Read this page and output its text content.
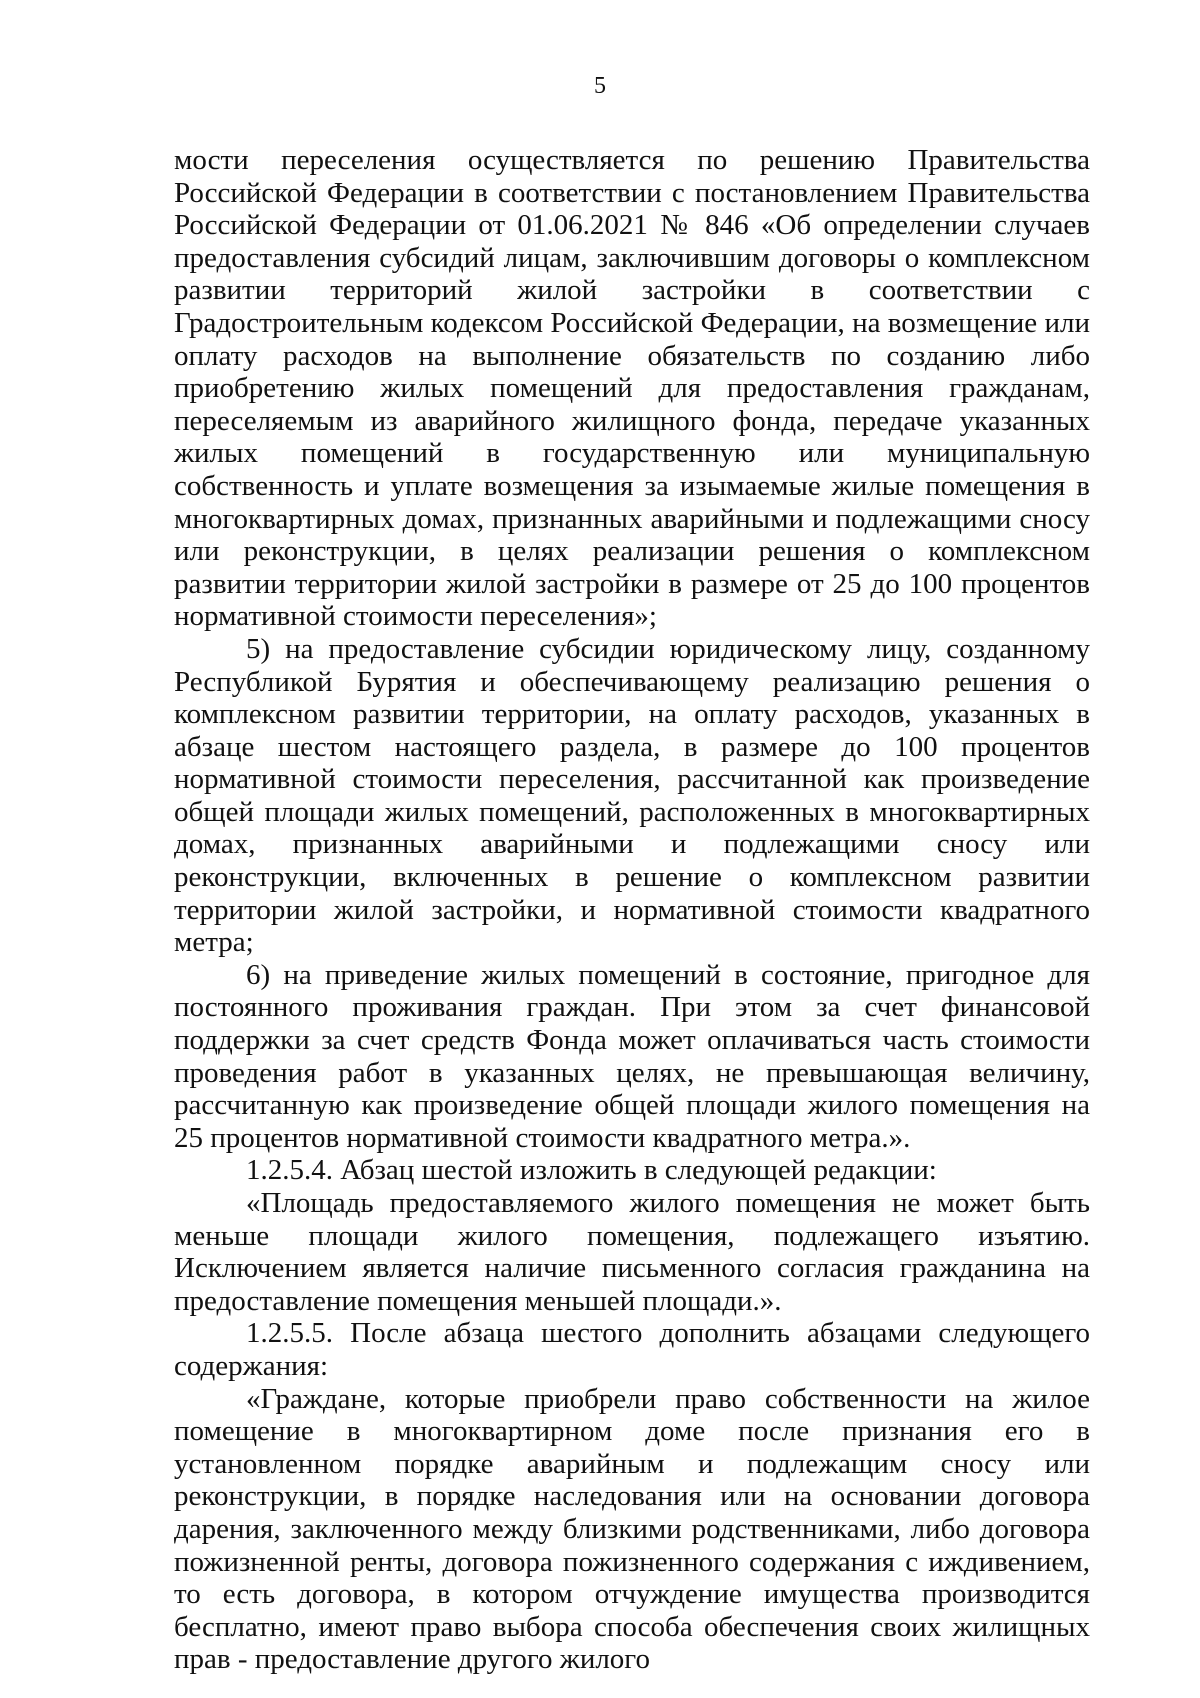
5

мости переселения осуществляется по решению Правительства Российской Федерации в соответствии с постановлением Правительства Российской Федерации от 01.06.2021 № 846 «Об определении случаев предоставления субсидий лицам, заключившим договоры о комплексном развитии территорий жилой застройки в соответствии с Градостроительным кодексом Российской Федерации, на возмещение или оплату расходов на выполнение обязательств по созданию либо приобретению жилых помещений для предоставления гражданам, переселяемым из аварийного жилищного фонда, передаче указанных жилых помещений в государственную или муниципальную собственность и уплате возмещения за изымаемые жилые помещения в многоквартирных домах, признанных аварийными и подлежащими сносу или реконструкции, в целях реализации решения о комплексном развитии территории жилой застройки в размере от 25 до 100 процентов нормативной стоимости переселения»;

5) на предоставление субсидии юридическому лицу, созданному Республикой Бурятия и обеспечивающему реализацию решения о комплексном развитии территории, на оплату расходов, указанных в абзаце шестом настоящего раздела, в размере до 100 процентов нормативной стоимости переселения, рассчитанной как произведение общей площади жилых помещений, расположенных в многоквартирных домах, признанных аварийными и подлежащими сносу или реконструкции, включенных в решение о комплексном развитии территории жилой застройки, и нормативной стоимости квадратного метра;

6) на приведение жилых помещений в состояние, пригодное для постоянного проживания граждан. При этом за счет финансовой поддержки за счет средств Фонда может оплачиваться часть стоимости проведения работ в указанных целях, не превышающая величину, рассчитанную как произведение общей площади жилого помещения на 25 процентов нормативной стоимости квадратного метра.».

1.2.5.4. Абзац шестой изложить в следующей редакции:

«Площадь предоставляемого жилого помещения не может быть меньше площади жилого помещения, подлежащего изъятию. Исключением является наличие письменного согласия гражданина на предоставление помещения меньшей площади.».

1.2.5.5. После абзаца шестого дополнить абзацами следующего содержания:

«Граждане, которые приобрели право собственности на жилое помещение в многоквартирном доме после признания его в установленном порядке аварийным и подлежащим сносу или реконструкции, в порядке наследования или на основании договора дарения, заключенного между близкими родственниками, либо договора пожизненной ренты, договора пожизненного содержания с иждивением, то есть договора, в котором отчуждение имущества производится бесплатно, имеют право выбора способа обеспечения своих жилищных прав - предоставление другого жилого
